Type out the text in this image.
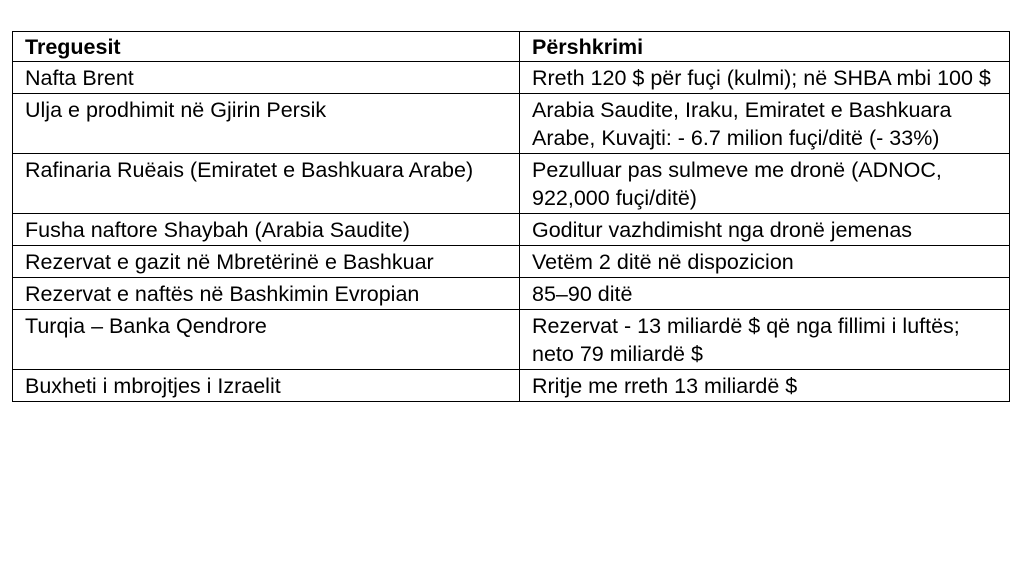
Treguesit	Përshkrimi
Nafta Brent	Rreth 120 $ për fuçi (kulmi); në SHBA mbi 100 $
Ulja e prodhimit në Gjirin Persik	Arabia Saudite, Iraku, Emiratet e Bashkuara Arabe, Kuvajti: - 6.7 milion fuçi/ditë (- 33%)
Rafinaria Ruëais (Emiratet e Bashkuara Arabe)	Pezulluar pas sulmeve me dronë (ADNOC, 922,000 fuçi/ditë)
Fusha naftore Shaybah (Arabia Saudite)	Goditur vazhdimisht nga dronë jemenas
Rezervat e gazit në Mbretërinë e Bashkuar	Vetëm 2 ditë në dispozicion
Rezervat e naftës në Bashkimin Evropian	85–90 ditë
Turqia – Banka Qendrore	Rezervat - 13 miliardë $ që nga fillimi i luftës; neto 79 miliardë $
Buxheti i mbrojtjes i Izraelit	Rritje me rreth 13 miliardë $
